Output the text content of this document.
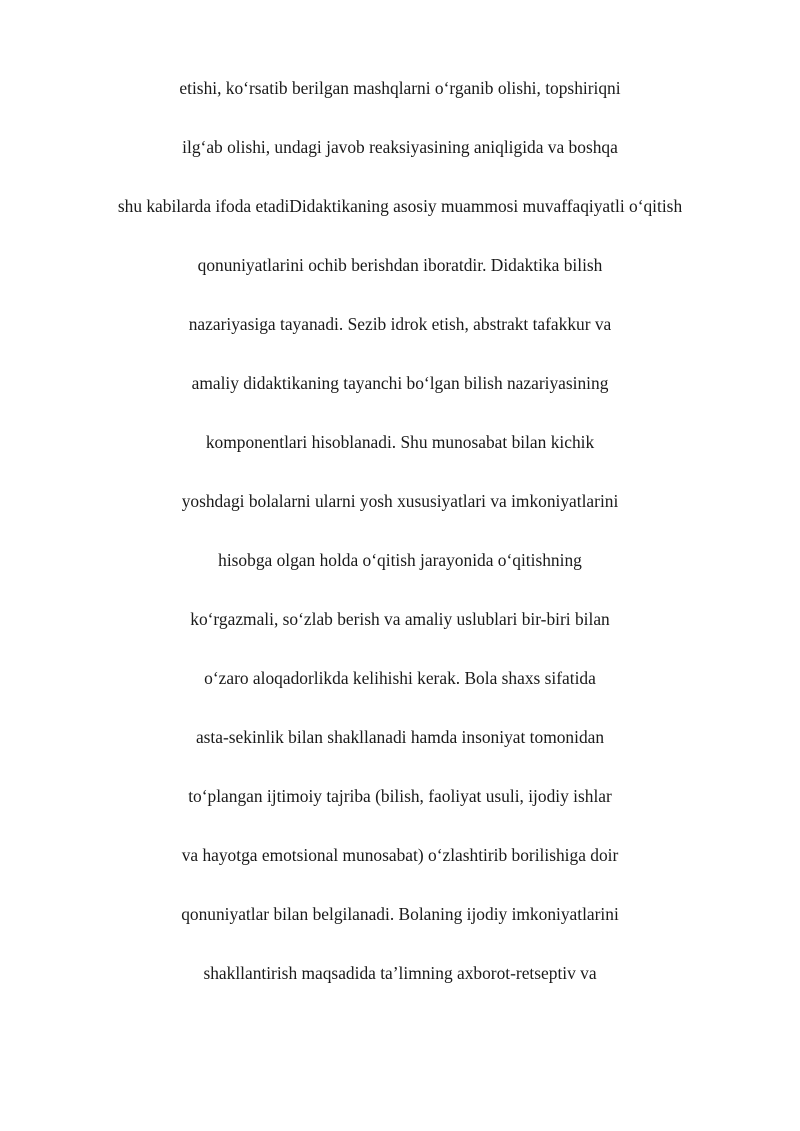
etishi, ko‘rsatib berilgan mashqlarni o‘rganib olishi, topshiriqni
ilg‘ab olishi, undagi javob reaksiyasining aniqligida va boshqa
shu kabilarda ifoda etadiDidaktikaning asosiy muammosi muvaffaqiyatli o‘qitish
qonuniyatlarini ochib berishdan iboratdir. Didaktika bilish
nazariyasiga tayanadi. Sezib idrok etish, abstrakt tafakkur va
amaliy didaktikaning tayanchi bo‘lgan bilish nazariyasining
komponentlari hisoblanadi. Shu munosabat bilan kichik
yoshdagi bolalarni ularni yosh xususiyatlari va imkoniyatlarini
hisobga olgan holda o‘qitish jarayonida o‘qitishning
ko‘rgazmali, so‘zlab berish va amaliy uslublari bir-biri bilan
o‘zaro aloqadorlikda kelihishi kerak. Bola shaxs sifatida
asta-sekinlik bilan shakllanadi hamda insoniyat tomonidan
to‘plangan ijtimoiy tajriba (bilish, faoliyat usuli, ijodiy ishlar
va hayotga emotsional munosabat) o‘zlashtirib borilishiga doir
qonuniyatlar bilan belgilanadi. Bolaning ijodiy imkoniyatlarini
shakllantirish maqsadida ta’limning axborot-retseptiv va
